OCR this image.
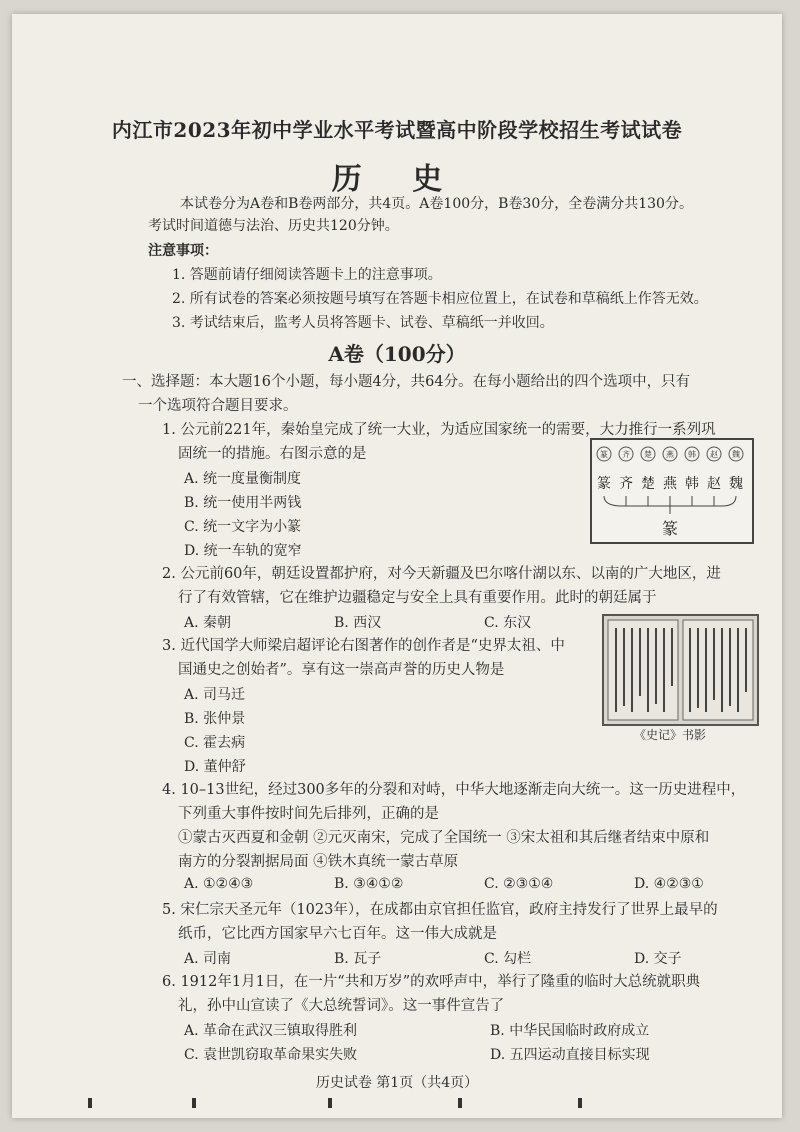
内江市2023年初中学业水平考试暨高中阶段学校招生考试试卷
历 史
本试卷分为A卷和B卷两部分，共4页。A卷100分，B卷30分，全卷满分共130分。
考试时间道德与法治、历史共120分钟。
注意事项：
1. 答题前请仔细阅读答题卡上的注意事项。
2. 所有试卷的答案必须按题号填写在答题卡相应位置上，在试卷和草稿纸上作答无效。
3. 考试结束后，监考人员将答题卡、试卷、草稿纸一并收回。
A卷（100分）
一、选择题：本大题16个小题，每小题4分，共64分。在每小题给出的四个选项中，只有
一个选项符合题目要求。
1. 公元前221年，秦始皇完成了统一大业，为适应国家统一的需要，大力推行一系列巩
固统一的措施。右图示意的是
A. 统一度量衡制度
B. 统一使用半两钱
C. 统一文字为小篆
D. 统一车轨的宽窄
篆 齐 楚 燕 韩 赵 魏
篆 齐 楚 燕 韩 赵 魏
篆
2. 公元前60年，朝廷设置都护府，对今天新疆及巴尔喀什湖以东、以南的广大地区，进
行了有效管辖，它在维护边疆稳定与安全上具有重要作用。此时的朝廷属于
A. 秦朝	B. 西汉	C. 东汉
3. 近代国学大师梁启超评论右图著作的创作者是“史界太祖、中
国通史之创始者”。享有这一崇高声誉的历史人物是
A. 司马迁
B. 张仲景
C. 霍去病
D. 董仲舒
《史记》书影
4. 10–13世纪，经过300多年的分裂和对峙，中华大地逐渐走向大统一。这一历史进程中，
下列重大事件按时间先后排列，正确的是
①蒙古灭西夏和金朝 ②元灭南宋，完成了全国统一 ③宋太祖和其后继者结束中原和
南方的分裂割据局面 ④铁木真统一蒙古草原
A. ①②④③	B. ③④①②	C. ②③①④	D. ④②③①
5. 宋仁宗天圣元年（1023年），在成都由京官担任监官，政府主持发行了世界上最早的
纸币，它比西方国家早六七百年。这一伟大成就是
A. 司南	B. 瓦子	C. 勾栏	D. 交子
6. 1912年1月1日，在一片“共和万岁”的欢呼声中，举行了隆重的临时大总统就职典
礼，孙中山宣读了《大总统誓词》。这一事件宣告了
A. 革命在武汉三镇取得胜利	B. 中华民国临时政府成立
C. 袁世凯窃取革命果实失败	D. 五四运动直接目标实现
历史试卷 第1页（共4页）
